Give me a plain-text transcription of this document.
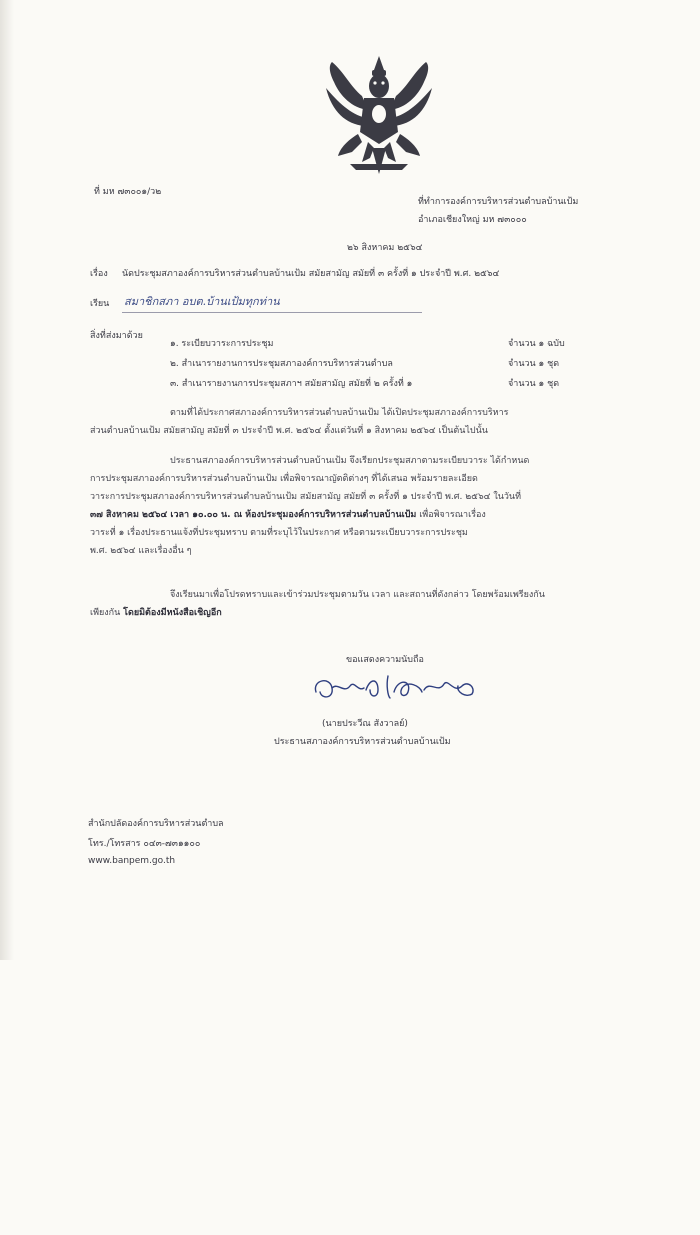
ที่ มห ๗๓๐๐๑/ว๒
ที่ทำการองค์การบริหารส่วนตำบลบ้านเป้ม
อำเภอเชียงใหญ่ มห ๗๓๐๐๐
๒๖ สิงหาคม ๒๕๖๔
เรื่อง นัดประชุมสภาองค์การบริหารส่วนตำบลบ้านเป้ม สมัยสามัญ สมัยที่ ๓ ครั้งที่ ๑ ประจำปี พ.ศ. ๒๕๖๔
เรียน สมาชิกสภา อบต.บ้านเป้มทุกท่าน
สิ่งที่ส่งมาด้วย
๑. ระเบียบวาระการประชุม	จำนวน ๑ ฉบับ
๒. สำเนารายงานการประชุมสภาองค์การบริหารส่วนตำบล	จำนวน ๑ ชุด
๓. สำเนารายงานการประชุมสภาฯ สมัยสามัญ สมัยที่ ๒ ครั้งที่ ๑	จำนวน ๑ ชุด
ตามที่ได้ประกาศสภาองค์การบริหารส่วนตำบลบ้านเป้ม ได้เปิดประชุมสภาองค์การบริหาร
ส่วนตำบลบ้านเป้ม สมัยสามัญ สมัยที่ ๓ ประจำปี พ.ศ. ๒๕๖๔ ตั้งแต่วันที่ ๑ สิงหาคม ๒๕๖๔ เป็นต้นไปนั้น
ประธานสภาองค์การบริหารส่วนตำบลบ้านเป้ม จึงเรียกประชุมสภาตามระเบียบวาระ ได้กำหนด
การประชุมสภาองค์การบริหารส่วนตำบลบ้านเป้ม เพื่อพิจารณาญัตติต่างๆ ที่ได้เสนอ พร้อมรายละเอียด
วาระการประชุมสภาองค์การบริหารส่วนตำบลบ้านเป้ม สมัยสามัญ สมัยที่ ๓ ครั้งที่ ๑ ประจำปี พ.ศ. ๒๕๖๔ ในวันที่
๓๗ สิงหาคม ๒๕๖๔ เวลา ๑๐.๐๐ น. ณ ห้องประชุมองค์การบริหารส่วนตำบลบ้านเป้ม เพื่อพิจารณาเรื่อง
วาระที่ ๑ เรื่องประธานแจ้งที่ประชุมทราบ ตามที่ระบุไว้ในประกาศ หรือตามระเบียบวาระการประชุม
พ.ศ. ๒๕๖๔ และเรื่องอื่น ๆ
จึงเรียนมาเพื่อโปรดทราบและเข้าร่วมประชุมตามวัน เวลา และสถานที่ดังกล่าว โดยพร้อมเพรียงกัน
เพียงกัน โดยมิต้องมีหนังสือเชิญอีก
ขอแสดงความนับถือ
(นายประวีณ สังวาลย์)
ประธานสภาองค์การบริหารส่วนตำบลบ้านเป้ม
สำนักปลัดองค์การบริหารส่วนตำบล
โทร./โทรสาร ๐๔๓-๗๓๑๑๐๐
www.banpem.go.th
